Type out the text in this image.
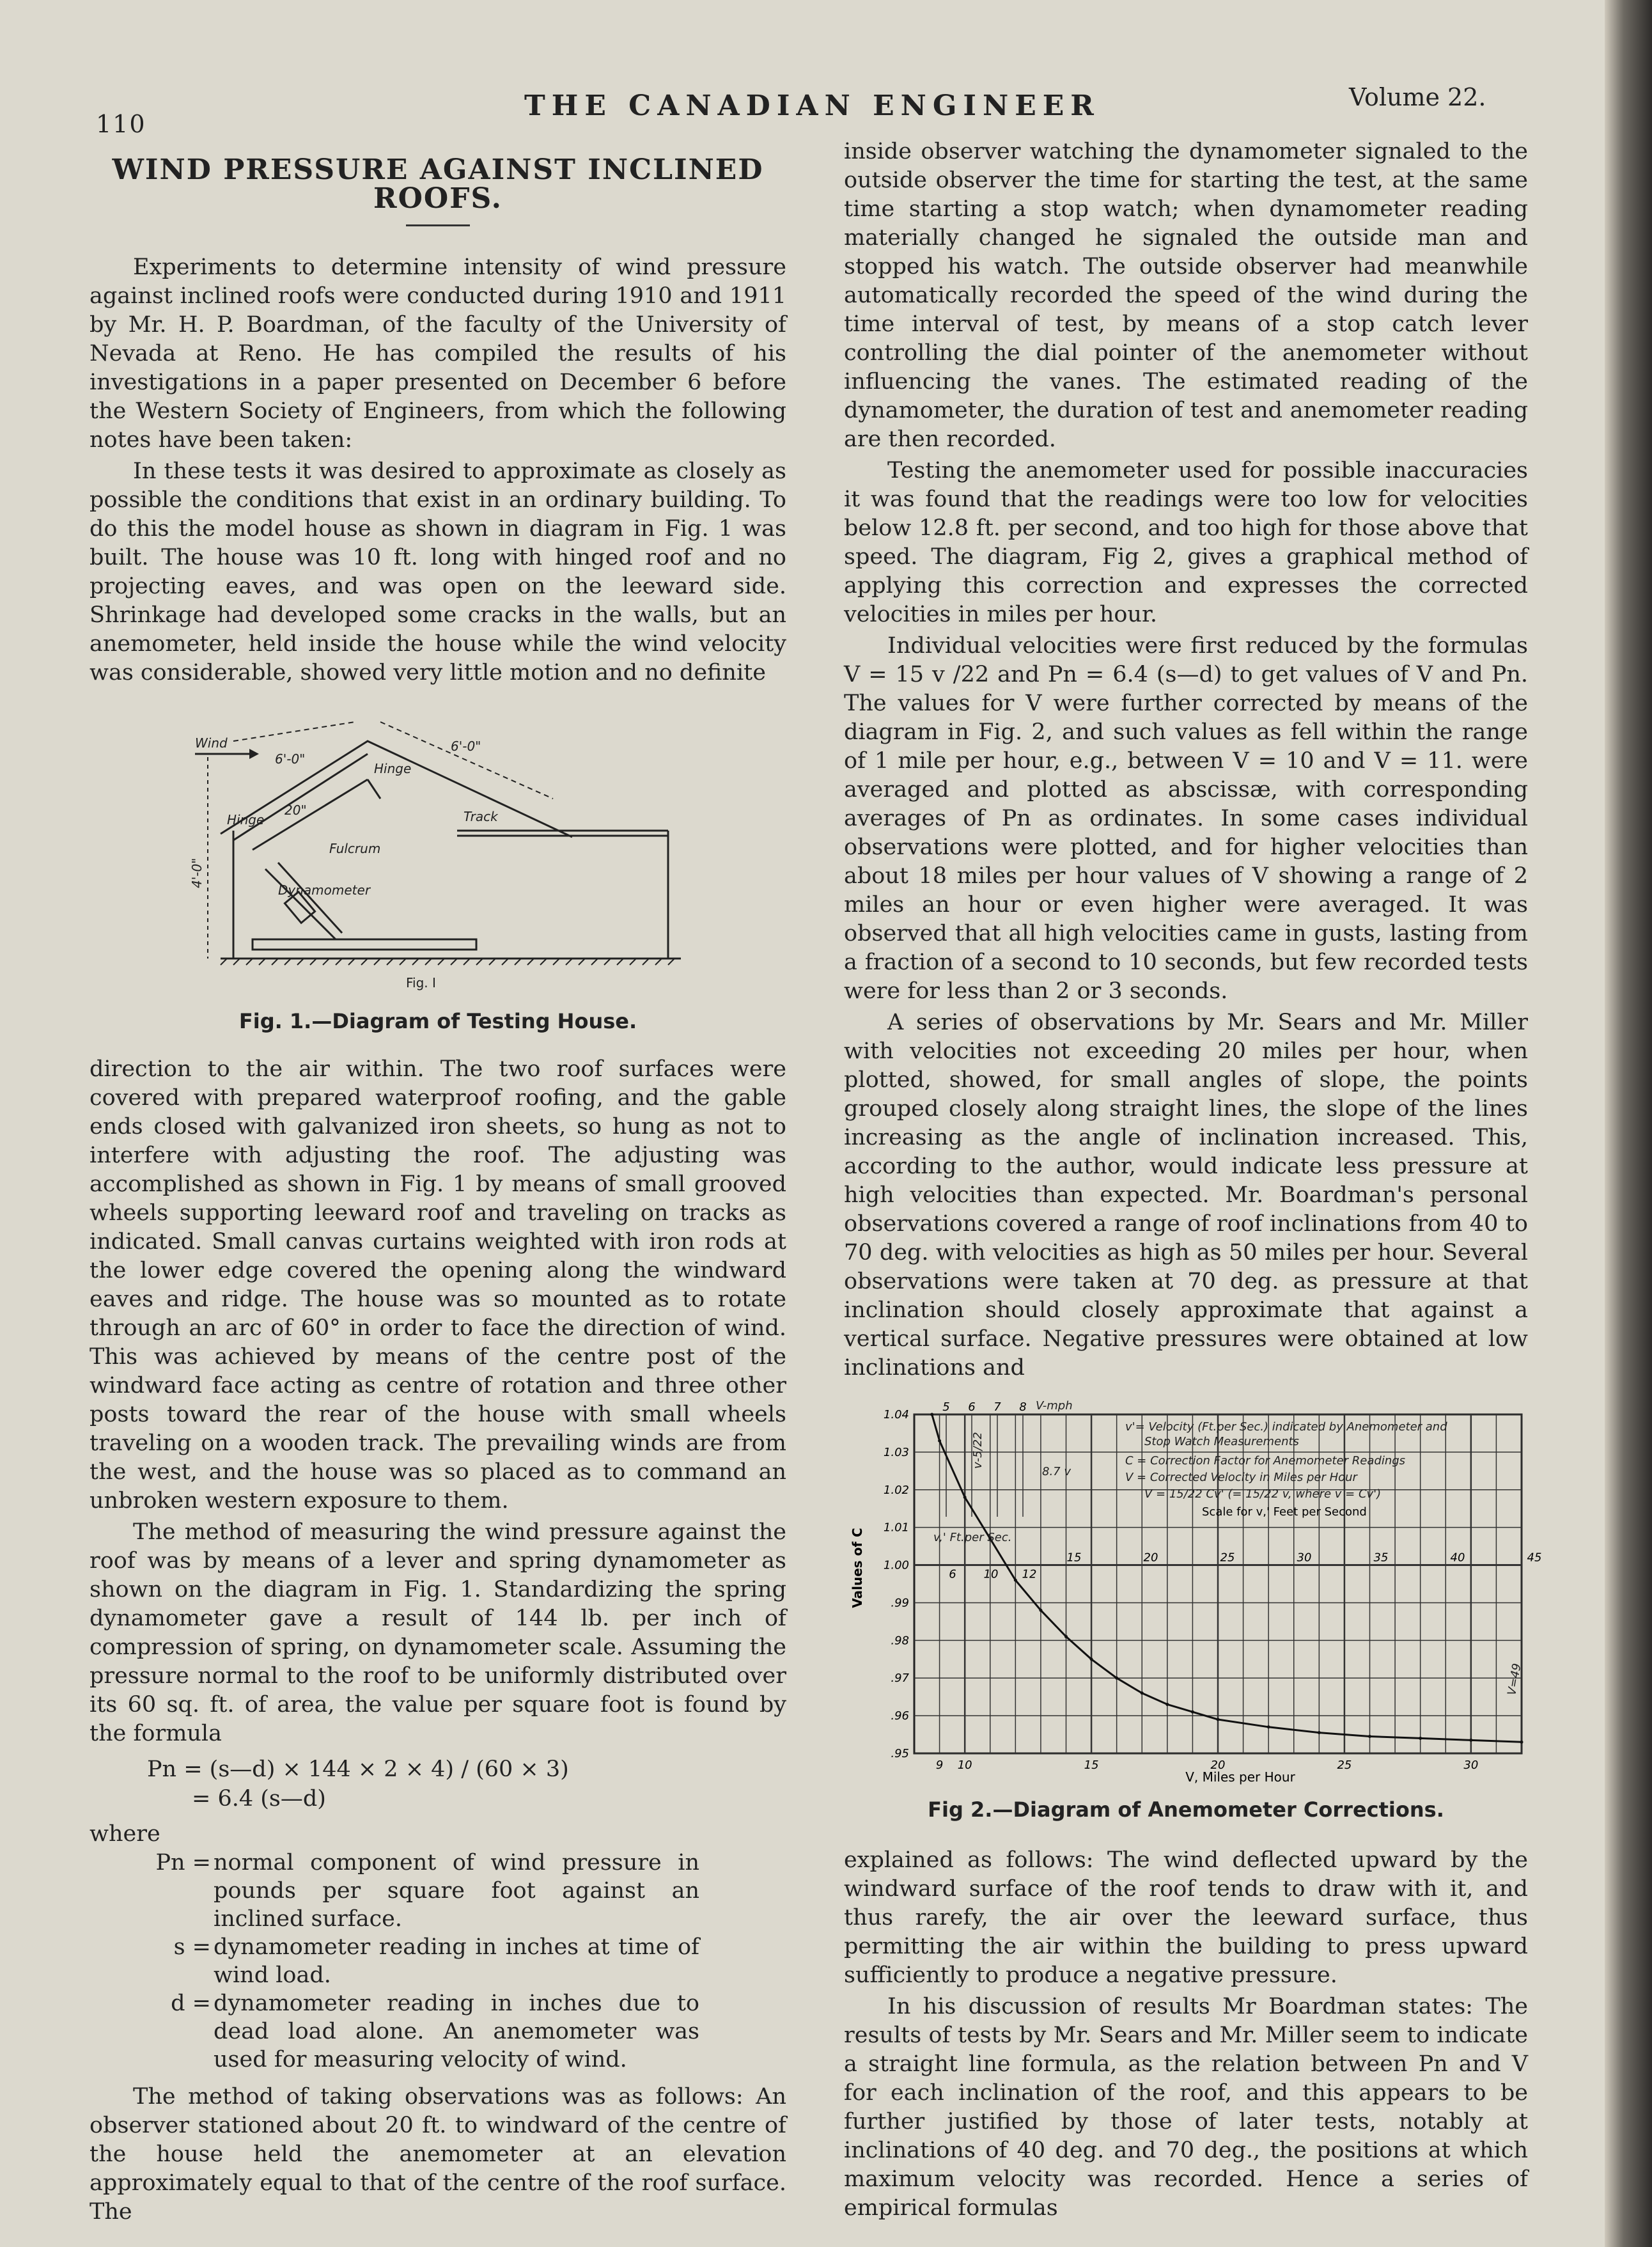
110
THE CANADIAN ENGINEER	Volume 22.
WIND PRESSURE AGAINST INCLINED ROOFS.

Experiments to determine intensity of wind pressure against inclined roofs were conducted during 1910 and 1911 by Mr. H. P. Boardman, of the faculty of the University of Nevada at Reno. He has compiled the results of his investigations in a paper presented on December 6 before the Western Society of Engineers, from which the following notes have been taken:

In these tests it was desired to approximate as closely as possible the conditions that exist in an ordinary building. To do this the model house as shown in diagram in Fig. 1 was built. The house was 10 ft. long with hinged roof and no projecting eaves, and was open on the leeward side. Shrinkage had developed some cracks in the walls, but an anemometer, held inside the house while the wind velocity was considerable, showed very little motion and no definite

Wind
6'-0"
6'-0"
Hinge
Hinge	Track
20"
Fulcrum
Dynamometer
4'-0"
Fig. I
Fig. 1.—Diagram of Testing House.

direction to the air within. The two roof surfaces were covered with prepared waterproof roofing, and the gable ends closed with galvanized iron sheets, so hung as not to interfere with adjusting the roof. The adjusting was accomplished as shown in Fig. 1 by means of small grooved wheels supporting leeward roof and traveling on tracks as indicated. Small canvas curtains weighted with iron rods at the lower edge covered the opening along the windward eaves and ridge. The house was so mounted as to rotate through an arc of 60° in order to face the direction of wind. This was achieved by means of the centre post of the windward face acting as centre of rotation and three other posts toward the rear of the house with small wheels traveling on a wooden track. The prevailing winds are from the west, and the house was so placed as to command an unbroken western exposure to them.

The method of measuring the wind pressure against the roof was by means of a lever and spring dynamometer as shown on the diagram in Fig. 1. Standardizing the spring dynamometer gave a result of 144 lb. per inch of compression of spring, on dynamometer scale. Assuming the pressure normal to the roof to be uniformly distributed over its 60 sq. ft. of area, the value per square foot is found by the formula

Pn = (s—d) × 144 × 2 × 4) / (60 × 3)
= 6.4 (s—d)
where
Pn = normal component of wind pressure in pounds per square foot against an inclined surface.
s = dynamometer reading in inches at time of wind load.
d = dynamometer reading in inches due to dead load alone. An anemometer was used for measuring velocity of wind.

The method of taking observations was as follows: An observer stationed about 20 ft. to windward of the centre of the house held the anemometer at an elevation approximately equal to that of the centre of the roof surface. The

inside observer watching the dynamometer signaled to the outside observer the time for starting the test, at the same time starting a stop watch; when dynamometer reading materially changed he signaled the outside man and stopped his watch. The outside observer had meanwhile automatically recorded the speed of the wind during the time interval of test, by means of a stop catch lever controlling the dial pointer of the anemometer without influencing the vanes. The estimated reading of the dynamometer, the duration of test and anemometer reading are then recorded.

Testing the anemometer used for possible inaccuracies it was found that the readings were too low for velocities below 12.8 ft. per second, and too high for those above that speed. The diagram, Fig 2, gives a graphical method of applying this correction and expresses the corrected velocities in miles per hour.

Individual velocities were first reduced by the formulas V = 15 v /22 and Pn = 6.4 (s—d) to get values of V and Pn. The values for V were further corrected by means of the diagram in Fig. 2, and such values as fell within the range of 1 mile per hour, e.g., between V = 10 and V = 11. were averaged and plotted as abscissæ, with corresponding averages of Pn as ordinates. In some cases individual observations were plotted, and for higher velocities than about 18 miles per hour values of V showing a range of 2 miles an hour or even higher were averaged. It was observed that all high velocities came in gusts, lasting from a fraction of a second to 10 seconds, but few recorded tests were for less than 2 or 3 seconds.

A series of observations by Mr. Sears and Mr. Miller with velocities not exceeding 20 miles per hour, when plotted, showed, for small angles of slope, the points grouped closely along straight lines, the slope of the lines increasing as the angle of inclination increased. This, according to the author, would indicate less pressure at high velocities than expected. Mr. Boardman's personal observations covered a range of roof inclinations from 40 to 70 deg. with velocities as high as 50 miles per hour. Several observations were taken at 70 deg. as pressure at that inclination should closely approximate that against a vertical surface. Negative pressures were obtained at low inclinations and

1.04
1.03
1.02
1.01
1.00
.99
.98
.97
.96
.95
9 10	15	20	25	30
5 6 7 8
15	20	25	30	35	40	45
6 10 12
Values of C
V, Miles per Hour
V-mph
8.7 v
v,' Ft.per Sec.
v'= Velocity (Ft.per Sec.) indicated by Anemometer and
Stop Watch Measurements
C = Correction Factor for Anemometer Readings
V = Corrected Velocity in Miles per Hour
V = 15/22 Cv' (= 15/22 v, where v = Cv')
V=49
v-5/22
Scale for v,' Feet per Second
Fig 2.—Diagram of Anemometer Corrections.

explained as follows: The wind deflected upward by the windward surface of the roof tends to draw with it, and thus rarefy, the air over the leeward surface, thus permitting the air within the building to press upward sufficiently to produce a negative pressure.

In his discussion of results Mr Boardman states: The results of tests by Mr. Sears and Mr. Miller seem to indicate a straight line formula, as the relation between Pn and V for each inclination of the roof, and this appears to be further justified by those of later tests, notably at inclinations of 40 deg. and 70 deg., the positions at which maximum velocity was recorded. Hence a series of empirical formulas
